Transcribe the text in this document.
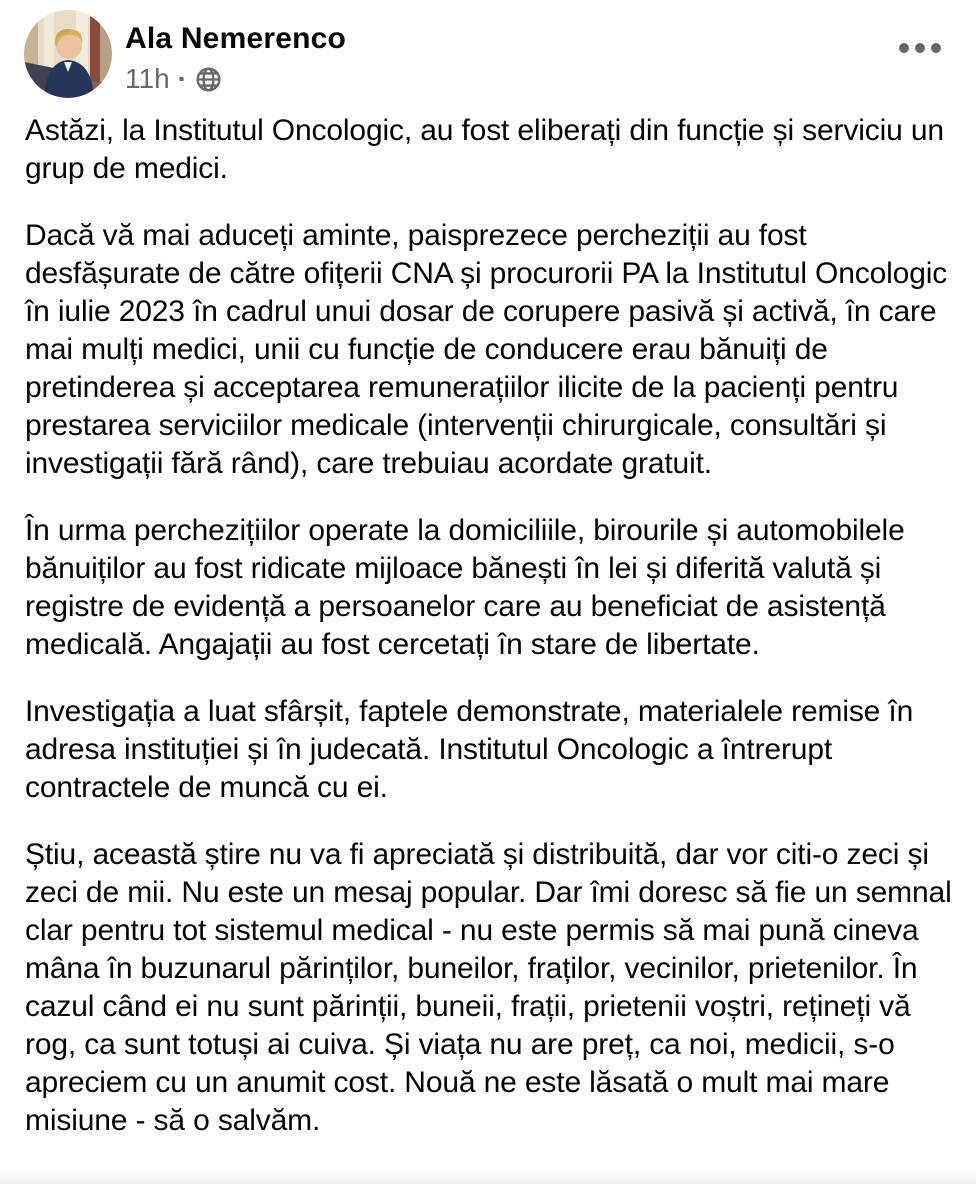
Ala Nemerenco
11h ·

Astăzi, la Institutul Oncologic, au fost eliberați din funcție și serviciu un grup de medici.

Dacă vă mai aduceți aminte, paisprezece percheziții au fost desfășurate de către ofițerii CNA și procurorii PA la Institutul Oncologic în iulie 2023 în cadrul unui dosar de corupere pasivă și activă, în care mai mulți medici, unii cu funcție de conducere erau bănuiți de pretinderea și acceptarea remunerațiilor ilicite de la pacienți pentru prestarea serviciilor medicale (intervenții chirurgicale, consultări și investigații fără rând), care trebuiau acordate gratuit.

În urma perchezițiilor operate la domiciliile, birourile și automobilele bănuiților au fost ridicate mijloace bănești în lei și diferită valută și registre de evidență a persoanelor care au beneficiat de asistență medicală. Angajații au fost cercetați în stare de libertate.

Investigația a luat sfârșit, faptele demonstrate, materialele remise în adresa instituției și în judecată. Institutul Oncologic a întrerupt contractele de muncă cu ei.

Știu, această știre nu va fi apreciată și distribuită, dar vor citi-o zeci și zeci de mii. Nu este un mesaj popular. Dar îmi doresc să fie un semnal clar pentru tot sistemul medical - nu este permis să mai pună cineva mâna în buzunarul părinților, buneilor, fraților, vecinilor, prietenilor. În cazul când ei nu sunt părinții, buneii, frații, prietenii voștri, rețineți vă rog, ca sunt totuși ai cuiva. Și viața nu are preț, ca noi, medicii, s-o apreciem cu un anumit cost. Nouă ne este lăsată o mult mai mare misiune - să o salvăm.
